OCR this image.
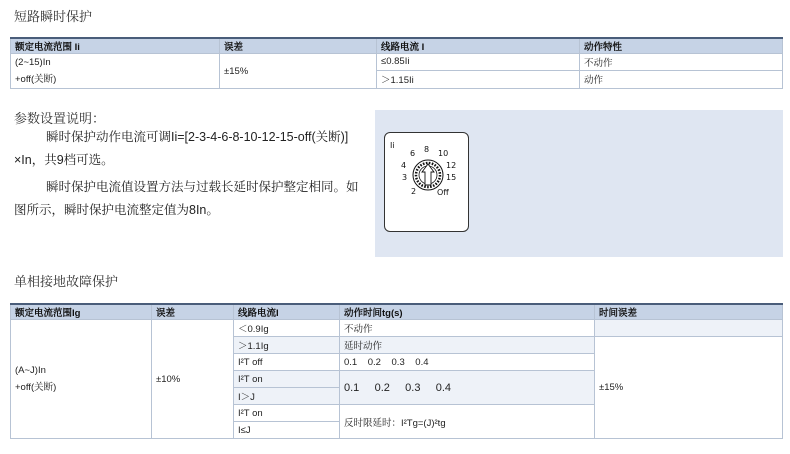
短路瞬时保护
额定电流范围 Ii	误差	线路电流 I	动作特性

(2~15)In
+off(关断)	±15%	≤0.85Ii	不动作
		＞1.15Ii	动作
参数设置说明：
瞬时保护动作电流可调Ii=[2-3-4-6-8-10-12-15-off(关断)]
×In，共9档可选。
瞬时保护电流值设置方法与过载长延时保护整定相同。如
图所示，瞬时保护电流整定值为8In。
Ii
2
3
4
6 8 10
12
15
Off
单相接地故障保护
额定电流范围Ig	误差	线路电流I	动作时间tg(s)	时间误差

(A~J)In
+off(关断)	±10%	＜0.9Ig	不动作	
		＞1.1Ig	延时动作	±15%
		I²T off	0.1    0.2    0.3    0.4	
		I²T on	0.1     0.2     0.3     0.4	
		I＞J		
		I²T on	反时限延时：I²Tg=(J)²tg	
		I≤J		
